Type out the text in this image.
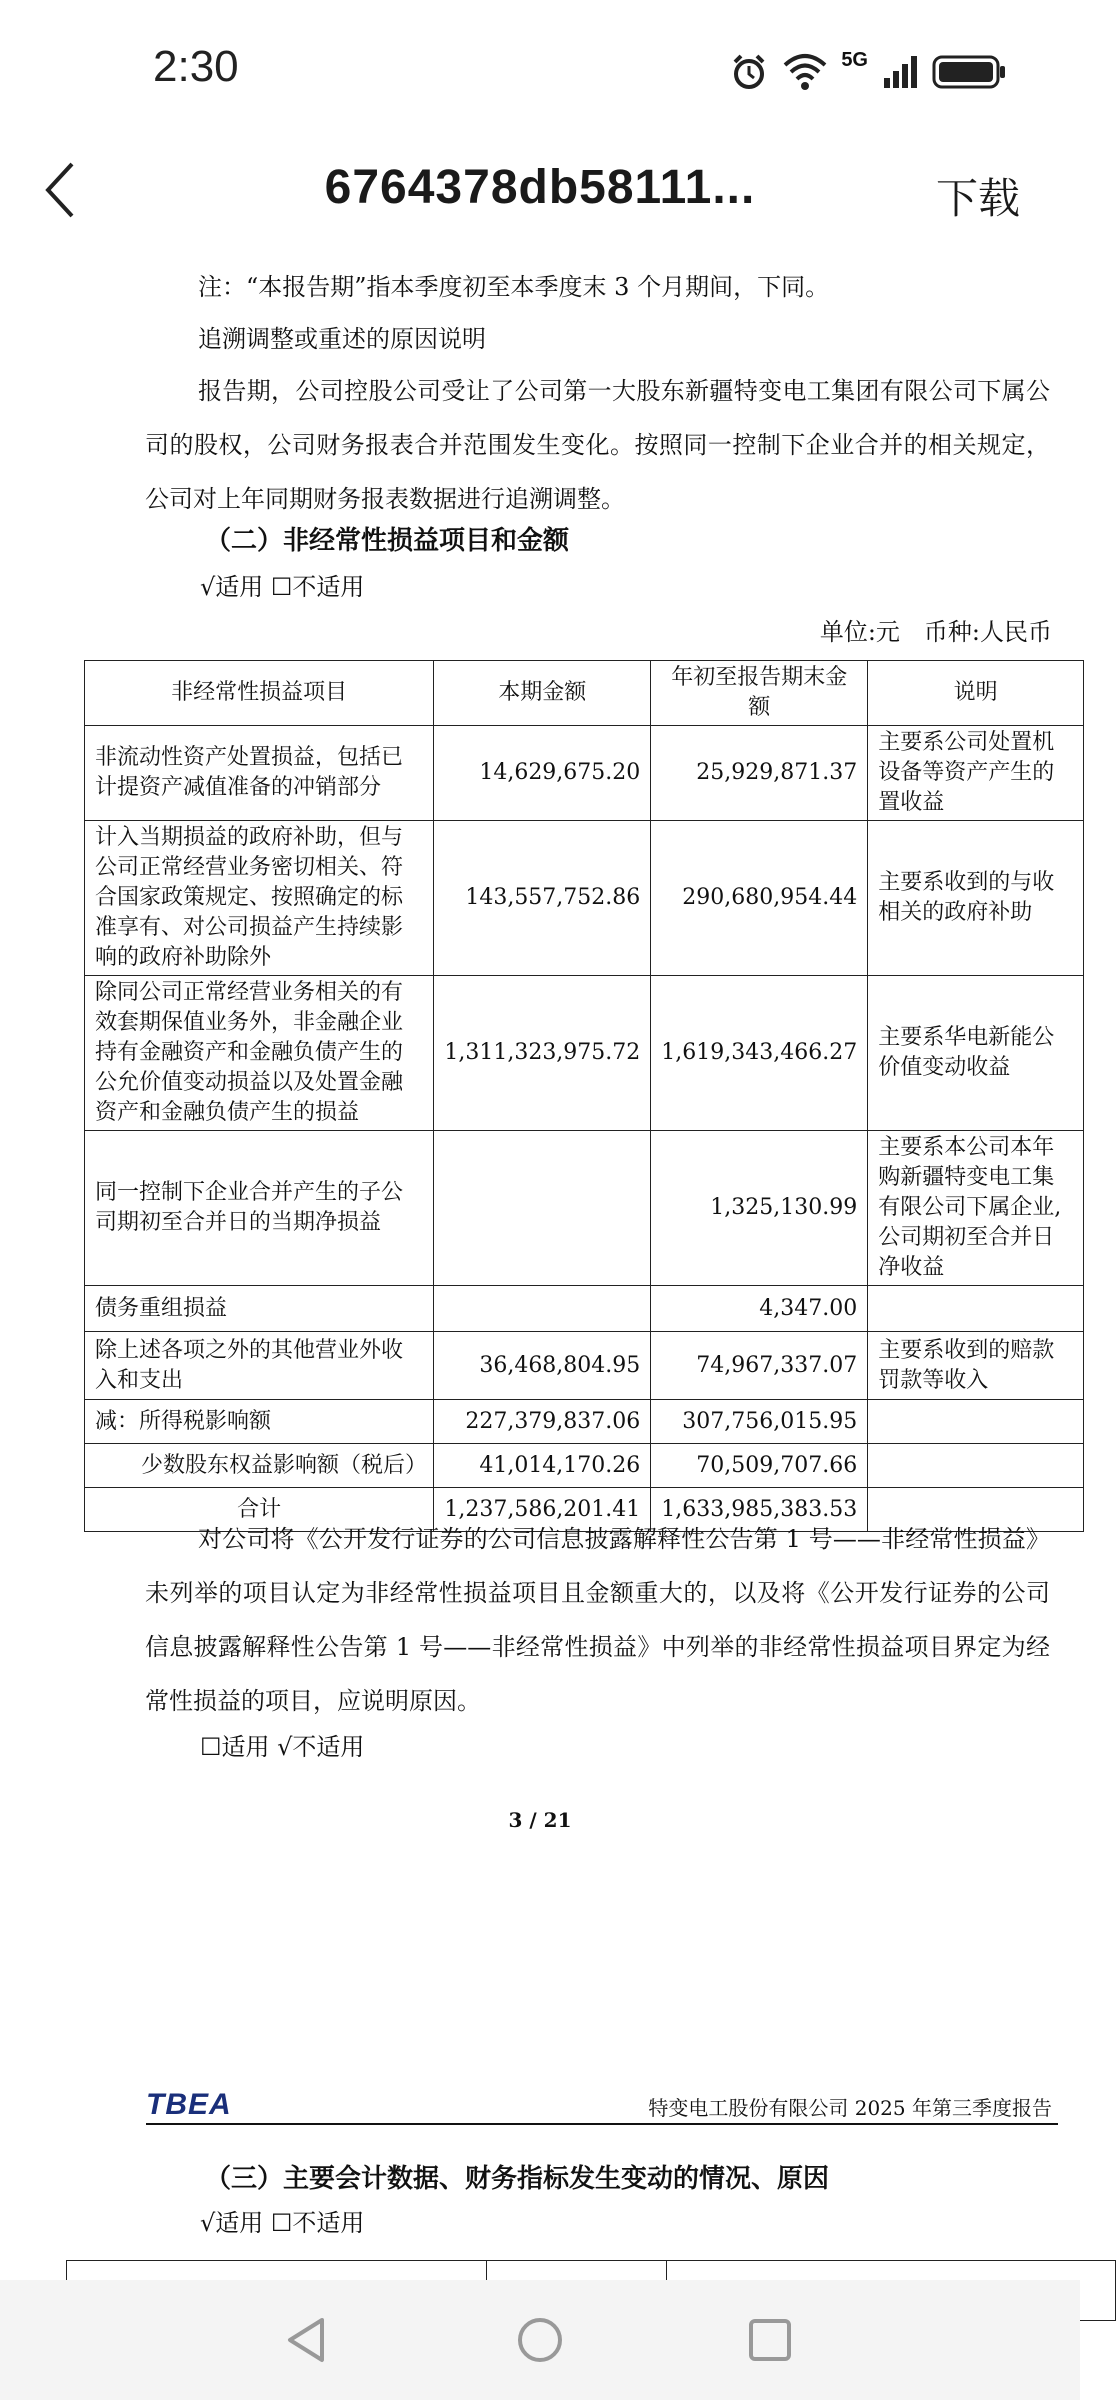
2:30	5G
6764378db58111...	下载
注：“本报告期”指本季度初至本季度末 3 个月期间，下同。
追溯调整或重述的原因说明
报告期，公司控股公司受让了公司第一大股东新疆特变电工集团有限公司下属公司的股权，公司财务报表合并范围发生变化。按照同一控制下企业合并的相关规定，公司对上年同期财务报表数据进行追溯调整。
（二）非经常性损益项目和金额
√适用 ☐不适用
单位:元　币种:人民币
非经常性损益项目	本期金额	年初至报告期末金额	说明
非流动性资产处置损益，包括已计提资产减值准备的冲销部分	14,629,675.20	25,929,871.37	主要系公司处置机设备等资产产生的置收益
计入当期损益的政府补助，但与公司正常经营业务密切相关、符合国家政策规定、按照确定的标准享有、对公司损益产生持续影响的政府补助除外	143,557,752.86	290,680,954.44	主要系收到的与收相关的政府补助
除同公司正常经营业务相关的有效套期保值业务外，非金融企业持有金融资产和金融负债产生的公允价值变动损益以及处置金融资产和金融负债产生的损益	1,311,323,975.72	1,619,343,466.27	主要系华电新能公价值变动收益
同一控制下企业合并产生的子公司期初至合并日的当期净损益		1,325,130.99	主要系本公司本年购新疆特变电工集有限公司下属企业,公司期初至合并日净收益
债务重组损益		4,347.00	
除上述各项之外的其他营业外收入和支出	36,468,804.95	74,967,337.07	主要系收到的赔款罚款等收入
减：所得税影响额	227,379,837.06	307,756,015.95	
少数股东权益影响额（税后）	41,014,170.26	70,509,707.66	
合计	1,237,586,201.41	1,633,985,383.53	
对公司将《公开发行证券的公司信息披露解释性公告第 1 号——非经常性损益》未列举的项目认定为非经常性损益项目且金额重大的，以及将《公开发行证券的公司信息披露解释性公告第 1 号——非经常性损益》中列举的非经常性损益项目界定为经常性损益的项目，应说明原因。
☐适用 √不适用
3 / 21
TBEA	特变电工股份有限公司 2025 年第三季度报告
（三）主要会计数据、财务指标发生变动的情况、原因
√适用 ☐不适用
